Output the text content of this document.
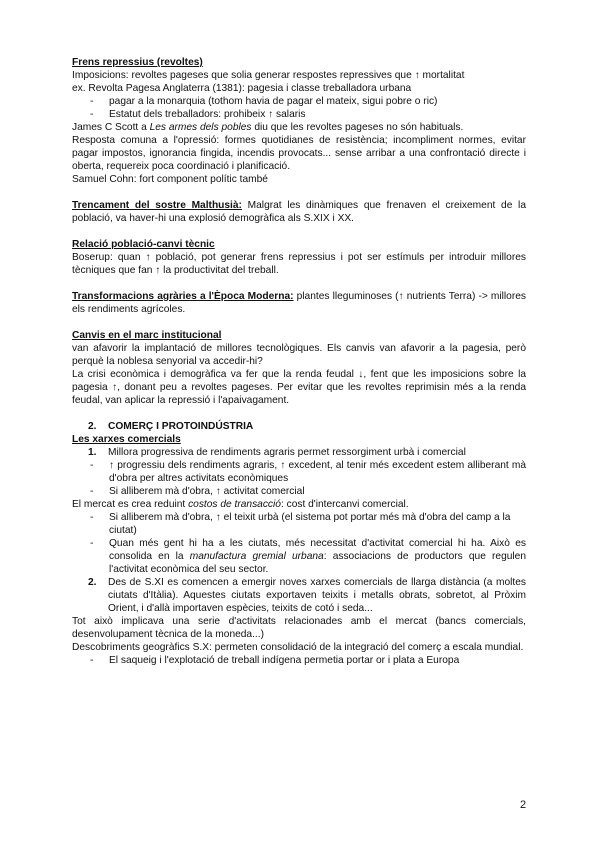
Frens repressius (revoltes)

Imposicions: revoltes pageses que solia generar respostes repressives que ↑ mortalitat

ex. Revolta Pagesa Anglaterra (1381): pagesia i classe treballadora urbana

-	pagar a la monarquia (tothom havia de pagar el mateix, sigui pobre o ric)
-	Estatut dels treballadors: prohibeix ↑ salaris

James C Scott a Les armes dels pobles diu que les revoltes pageses no són habituals.

Resposta comuna a l'opressió: formes quotidianes de resistència; incompliment normes, evitar pagar impostos, ignorancia fingida, incendis provocats... sense arribar a una confrontació directe i oberta, requereix poca coordinació i planificació.

Samuel Cohn: fort component polític també

Trencament del sostre Malthusià: Malgrat les dinàmiques que frenaven el creixement de la població, va haver-hi una explosió demogràfica als S.XIX i XX.

Relació població-canvi tècnic

Boserup: quan ↑ població, pot generar frens repressius i pot ser estímuls per introduir millores tècniques que fan ↑ la productivitat del treball.

Transformacions agràries a l'Època Moderna: plantes lleguminoses (↑ nutrients Terra) -> millores els rendiments agrícoles.

Canvis en el marc institucional

van afavorir la implantació de millores tecnològiques. Els canvis van afavorir a la pagesia, però perquè la noblesa senyorial va accedir-hi?

La crisi econòmica i demogràfica va fer que la renda feudal ↓, fent que les imposicions sobre la pagesia ↑, donant peu a revoltes pageses. Per evitar que les revoltes reprimisin més a la renda feudal, van aplicar la repressió i l'apaivagament.

2.	COMERÇ I PROTOINDÚSTRIA

Les xarxes comercials

1.	Millora progressiva de rendiments agraris permet ressorgiment urbà i comercial
-	↑ progressiu dels rendiments agraris, ↑ excedent, al tenir més excedent estem alliberant mà d'obra per altres activitats econòmiques
-	Si alliberem mà d'obra, ↑ activitat comercial

El mercat es crea reduint costos de transacció: cost d'intercanvi comercial.

-	Si alliberem mà d'obra, ↑ el teixit urbà (el sistema pot portar més mà d'obra del camp a la ciutat)
-	Quan més gent hi ha a les ciutats, més necessitat d'activitat comercial hi ha. Això es consolida en la manufactura gremial urbana: associacions de productors que regulen l'activitat econòmica del seu sector.
2.	Des de S.XI es comencen a emergir noves xarxes comercials de llarga distància (a moltes ciutats d'Itàlia). Aquestes ciutats exportaven teixits i metalls obrats, sobretot, al Pròxim Orient, i d'allà importaven espècies, teixits de cotó i seda...

Tot això implicava una serie d'activitats relacionades amb el mercat (bancs comercials, desenvolupament tècnica de la moneda...)

Descobriments geogràfics S.X: permeten consolidació de la integració del comerç a escala mundial.

-	El saqueig i l'explotació de treball indígena permetia portar or i plata a Europa
2
